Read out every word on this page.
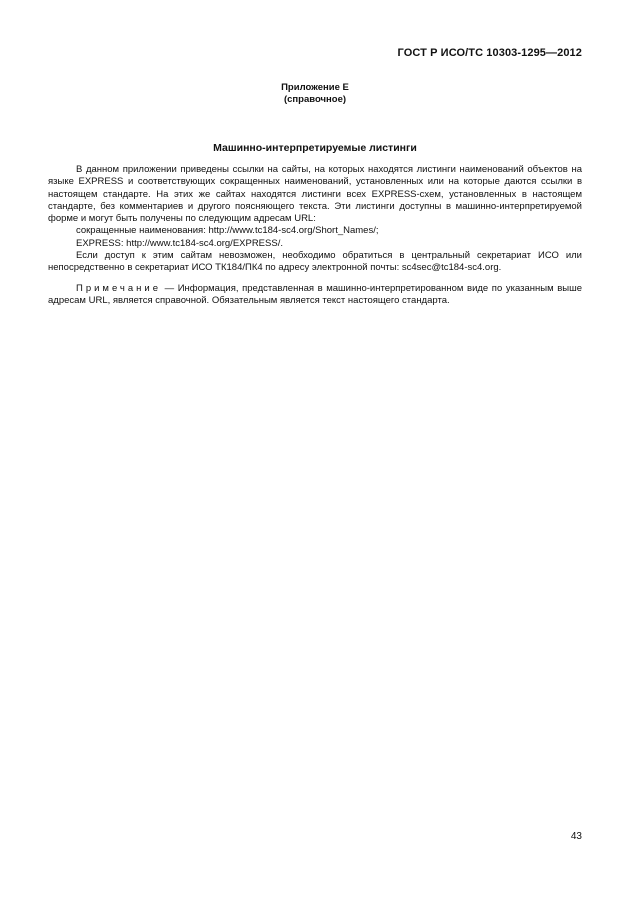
ГОСТ Р ИСО/ТС 10303-1295—2012
Приложение Е
(справочное)
Машинно-интерпретируемые листинги

В данном приложении приведены ссылки на сайты, на которых находятся листинги наименований объектов на языке EXPRESS и соответствующих сокращенных наименований, установленных или на которые даются ссылки в настоящем стандарте. На этих же сайтах находятся листинги всех EXPRESS-схем, установленных в настоящем стандарте, без комментариев и другого поясняющего текста. Эти листинги доступны в машинно-интерпретируемой форме и могут быть получены по следующим адресам URL:

сокращенные наименования: http://www.tc184-sc4.org/Short_Names/;

EXPRESS: http://www.tc184-sc4.org/EXPRESS/.

Если доступ к этим сайтам невозможен, необходимо обратиться в центральный секретариат ИСО или непосредственно в секретариат ИСО ТК184/ПК4 по адресу электронной почты: sc4sec@tc184-sc4.org.

Примечание — Информация, представленная в машинно-интерпретированном виде по указанным выше адресам URL, является справочной. Обязательным является текст настоящего стандарта.

43
